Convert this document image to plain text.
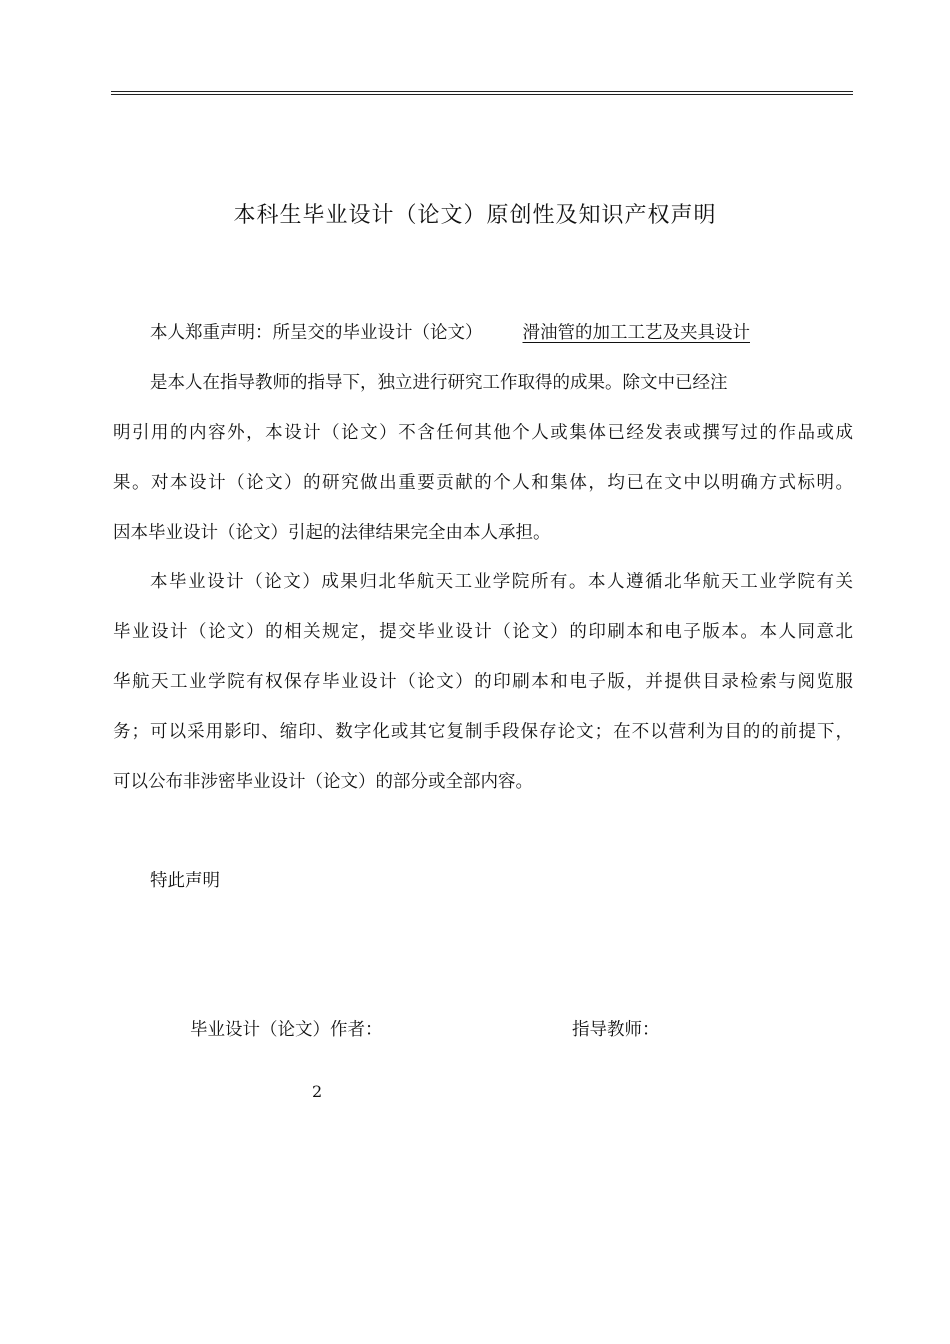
本科生毕业设计（论文）原创性及知识产权声明

本人郑重声明：所呈交的毕业设计（论文） 滑油管的加工工艺及夹具设计

是本人在指导教师的指导下，独立进行研究工作取得的成果。除文中已经注

明引用的内容外，本设计（论文）不含任何其他个人或集体已经发表或撰写过的作品或成

果。对本设计（论文）的研究做出重要贡献的个人和集体，均已在文中以明确方式标明。

因本毕业设计（论文）引起的法律结果完全由本人承担。

本毕业设计（论文）成果归北华航天工业学院所有。本人遵循北华航天工业学院有关

毕业设计（论文）的相关规定，提交毕业设计（论文）的印刷本和电子版本。本人同意北

华航天工业学院有权保存毕业设计（论文）的印刷本和电子版，并提供目录检索与阅览服

务；可以采用影印、缩印、数字化或其它复制手段保存论文；在不以营利为目的的前提下，

可以公布非涉密毕业设计（论文）的部分或全部内容。

特此声明

毕业设计（论文）作者：	指导教师：
2
